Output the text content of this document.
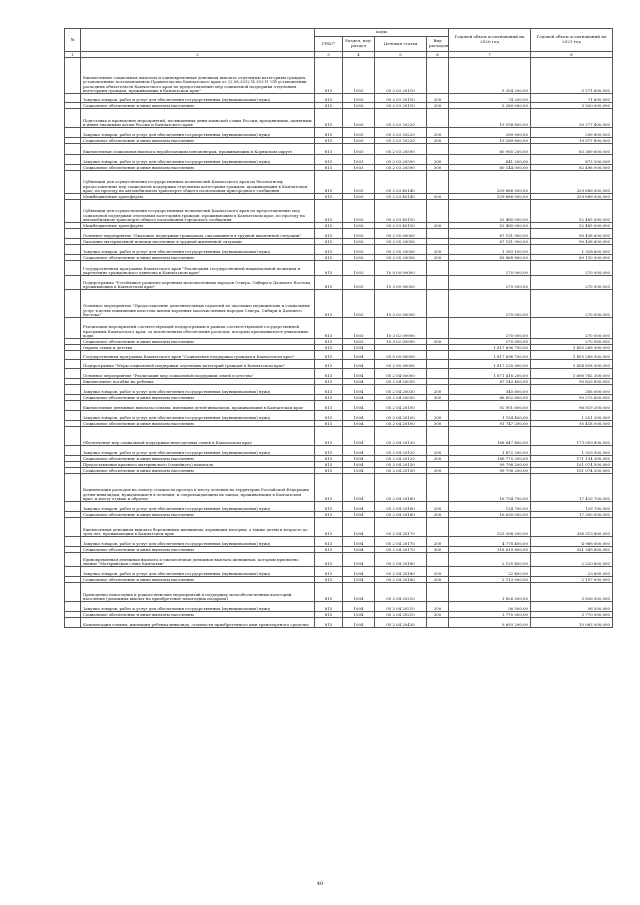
№		коды				Годовой объем ассигнований на 2020 год	Годовой объем ассигнований на 2021 год
		ГРБС*	Раздел, под-раздел	Целевая статья	Вид расходов		
1	2	3	4	5	6	7	8
	Ежемесячные социальные выплаты и единовременная денежная выплата отдельным категориям граждан, установленные постановлением Правительства Камчатского края от 22.08.2012 № 353-П "Об установлении расходных обязательств Камчатского края по предоставлению мер социальной поддержки отдельным категориям граждан, проживающих в Камчатском крае"	815	1003	05 2 03 20110		5 354 200,00	5 571 600,000
	Закупка товаров, работ и услуг для обеспечения государственных (муниципальных) нужд	815	1003	05 2 03 20110	200	74 200,00	71 600,000
	Социальное обеспечение и иные выплаты населению	815	1003	05 2 03 20110	300	5 280 000,00	5 500 000,000
	Подготовка и проведение мероприятий, посвященных дням воинской славы России, праздничным, памятным и иным значимым датам России и Камчатского края	815	1003	05 2 03 20220		19 558 600,00	20 277 400,000
	Закупка товаров, работ и услуг для обеспечения государственных (муниципальных) нужд	815	1003	05 2 03 20220	200	289 000,00	299 600,000
	Социальное обеспечение и иные выплаты населению	815	1003	05 2 03 20220	300	19 269 600,00	19 977 800,000
	Ежемесячная социальная выплата неработающим пенсионерам, проживающим в Корякском округе	815	1003	05 2 03 20590		60 985 200,00	63 369 600,000
	Закупка товаров, работ и услуг для обеспечения государственных (муниципальных) нужд	815	1003	05 2 03 20590	200	841 200,00	873 500,000
	Социальное обеспечение и иные выплаты населению	815	1003	05 2 03 20590	300	60 144 000,00	62 496 000,000
	Субвенции для осуществления государственных полномочий Камчатского края по бесплатному предоставлению мер социальной поддержки отдельным категориям граждан, проживающим в Камчатском крае, по проезду на автомобильном транспорте общего пользования пригородного сообщения	815	1003	05 2 03 40140		329 686 000,00	329 686 000,000
	Межбюджетные трансферты	815	1003	05 2 03 40140	500	329 686 000,00	329 686 000,000
	Субвенции для осуществления государственных полномочий Камчатского края по предоставлению мер социальной поддержки отдельным категориям граждан, проживающим в Камчатском крае, по проезду на автомобильном транспорте общего пользования городского сообщения	815	1003	05 2 03 40150		52 485 000,00	52 485 000,000
	Межбюджетные трансферты	815	1003	05 2 03 40150	500	52 485 000,00	52 485 000,000
	Основное мероприятие "Оказание поддержки гражданам, оказавшимся в трудной жизненной ситуации"	815	1003	05 2 05 00000		87 151 900,00	90 438 600,000
	Оказание материальной помощи населению в трудной жизненной ситуации	815	1003	05 2 05 20050		87 151 900,00	90 438 600,000
	Закупка товаров, работ и услуг для обеспечения государственных (муниципальных) нужд	815	1003	05 2 05 20050	200	1 283 100,00	1 328 600,000
	Социальное обеспечение и иные выплаты населению	815	1003	05 2 05 20050	300	85 868 800,00	89 110 000,000
	Государственная программа Камчатского края "Реализация государственной национальной политики и укрепление гражданского единства в Камчатском крае"	815	1003	10 0 00 00000		270 000,00	270 000,000
	Подпрограмма "Устойчивое развитие коренных малочисленных народов Севера, Сибири и Дальнего Востока, проживающих в Камчатском крае"	815	1003	10 3 00 00000		270 000,00	270 000,000
	Основное мероприятие "Предоставление дополнительных гарантий по оказанию медицинских и социальных услуг в целях повышения качества жизни коренных малочисленных народов Севера, Сибири и Дальнего Востока"	815	1003	10 3 02 00000		270 000,00	270 000,000
	Реализация мероприятий соответствующей подпрограммы в рамках соответствующей государственной программы Камчатского края, за исключением обеспечения расходов, которым присваиваются уникальные коды	815	1003	10 3 02 09990		270 000,00	270 000,000
	Социальное обеспечение и иные выплаты населению	815	1003	10 3 02 09990	300	270 000,00	270 000,000
	Охрана семьи и детства	815	1004			1 817 696 700,00	1 855 289 300,000
	Государственная программа Камчатского края "Социальная поддержка граждан в Камчатском крае"	815	1004	05 0 00 00000		1 817 696 700,00	1 855 289 300,000
	Подпрограмма "Меры социальной поддержки отдельных категорий граждан в Камчатском крае"	815	1004	05 2 00 00000		1 817 225 900,00	1 854 818 500,000
	Основное мероприятие "Реализация мер социальной поддержки семей и детства"	815	1004	05 2 04 00000		1 671 416 200,00	1 698 762 300,000
	Ежемесячное пособие на ребенка	815	1004	05 2 04 20030		87 143 400,00	90 629 600,000
	Закупка товаров, работ и услуг для обеспечения государственных (муниципальных) нужд	815	1004	05 2 04 20030	200	340 800,00	356 000,000
	Социальное обеспечение и иные выплаты населению	815	1004	05 2 04 20030	300	86 802 600,00	90 273 600,000
	Ежемесячные денежные выплаты семьям, имеющим детей-инвалидов, проживающим в Камчатском крае	815	1004	05 2 04 20100		92 901 600,00	96 619 200,000
	Закупка товаров, работ и услуг для обеспечения государственных (муниципальных) нужд	815	1004	05 2 04 20100	200	1 154 400,00	1 201 200,000
	Социальное обеспечение и иные выплаты населению	815	1004	05 2 04 20100	300	91 747 200,00	95 418 000,000
	Обеспечение мер социальной поддержки многодетных семей в Камчатском крае	815	1004	05 2 04 20120		168 647 400,00	173 059 800,000
	Закупка товаров, работ и услуг для обеспечения государственных (муниципальных) нужд	815	1004	05 2 04 20120	200	1 872 200,00	1 925 500,000
	Социальное обеспечение и иные выплаты населению	815	1004	05 2 04 20120	300	166 775 200,00	171 134 300,000
	Предоставление краевого материнского (семейного) капитала	815	1004	05 2 04 20130		99 798 200,00	101 074 500,000
	Социальное обеспечение и иные выплаты населению	815	1004	05 2 04 20130	300	99 798 200,00	101 074 500,000
	Компенсация расходов на оплату стоимости проезда к месту лечения на территории Российской Федерации детям-инвалидам, нуждающимся в лечении, и сопровождающим их лицам, проживающим в Камчатском крае, к месту отдыха и обратно	815	1004	05 2 04 20160		16 754 700,00	17 429 700,000
	Закупка товаров, работ и услуг для обеспечения государственных (муниципальных) нужд	815	1004	05 2 04 20160	200	124 700,00	129 700,000
	Социальное обеспечение и иные выплаты населению	815	1004	05 2 04 20160	300	16 630 000,00	17 300 000,000
	Ежемесячная денежная выплата беременным женщинам, кормящим матерям, а также детям в возрасте до трех лет, проживающим в Камчатском крае	815	1004	05 2 04 20170		323 398 200,00	336 313 800,000
	Закупка товаров, работ и услуг для обеспечения государственных (муниципальных) нужд	815	1004	05 2 04 20170	200	4 778 400,00	4 968 000,000
	Социальное обеспечение и иные выплаты населению	815	1004	05 2 04 20170	300	318 619 800,00	331 345 800,000
	Единовременная денежная выплата и ежемесячная денежная выплата женщинам, которым присвоено звание "Материнская слава Камчатки"	815	1004	05 2 04 20180		2 135 400,00	2 220 600,000
	Закупка товаров, работ и услуг для обеспечения государственных (муниципальных) нужд	815	1004	05 2 04 20180	200	22 400,00	23 600,000
	Социальное обеспечение и иные выплаты населению	815	1004	05 2 04 20180	300	2 113 000,00	2 197 000,000
	Проведение новогодних и рождественских мероприятий в поддержку малообеспеченных категорий населения (денежных выплат на приобретение новогодних подарков)	815	1004	05 2 04 20210		3 826 500,00	3 826 500,000
	Закупка товаров, работ и услуг для обеспечения государственных (муниципальных) нужд	815	1004	05 2 04 20210	200	56 500,00	56 500,000
	Социальное обеспечение и иные выплаты населению	815	1004	05 2 04 20210	300	3 770 000,00	3 770 000,000
	Компенсация семьям, имеющим ребенка-инвалида, стоимости приобретенного ими транспортного средства	815	1004	05 2 04 20430		9 693 200,00	10 083 000,000
40
